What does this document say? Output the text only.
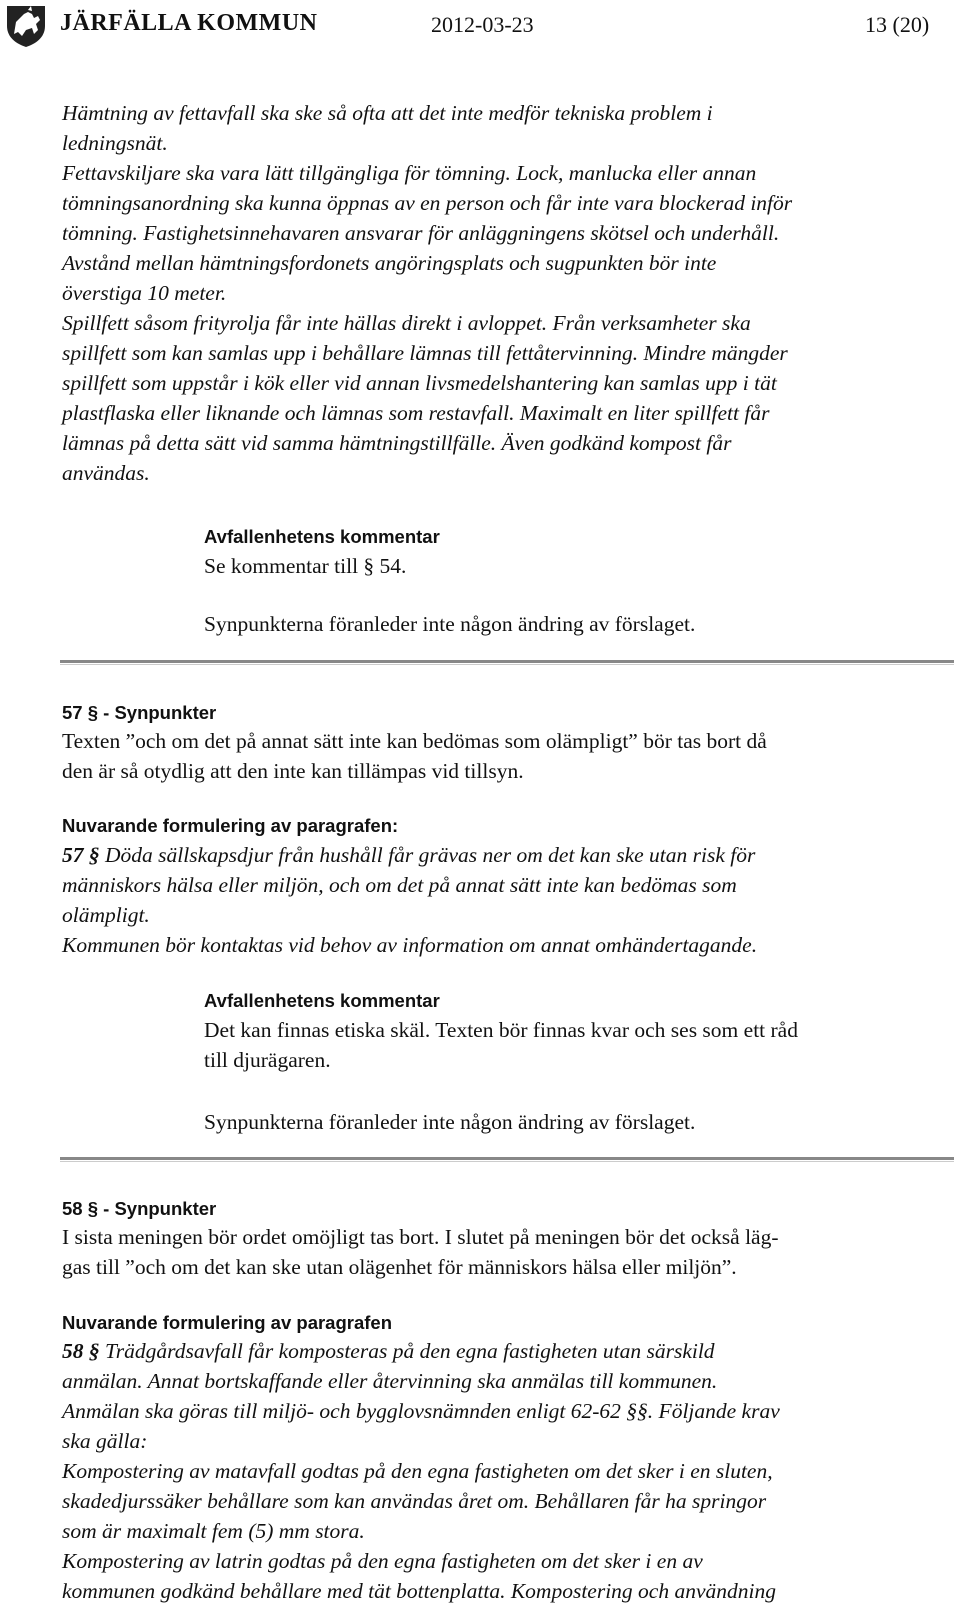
JÄRFÄLLA KOMMUN	2012-03-23	13 (20)
Hämtning av fettavfall ska ske så ofta att det inte medför tekniska problem i
ledningsnät.
Fettavskiljare ska vara lätt tillgängliga för tömning. Lock, manlucka eller annan
tömningsanordning ska kunna öppnas av en person och får inte vara blockerad inför
tömning. Fastighetsinnehavaren ansvarar för anläggningens skötsel och underhåll.
Avstånd mellan hämtningsfordonets angöringsplats och sugpunkten bör inte
överstiga 10 meter.
Spillfett såsom frityrolja får inte hällas direkt i avloppet. Från verksamheter ska
spillfett som kan samlas upp i behållare lämnas till fettåtervinning. Mindre mängder
spillfett som uppstår i kök eller vid annan livsmedelshantering kan samlas upp i tät
plastflaska eller liknande och lämnas som restavfall. Maximalt en liter spillfett får
lämnas på detta sätt vid samma hämtningstillfälle. Även godkänd kompost får
användas.
Avfallenhetens kommentar
Se kommentar till § 54.
Synpunkterna föranleder inte någon ändring av förslaget.
57 § - Synpunkter
Texten ”och om det på annat sätt inte kan bedömas som olämpligt” bör tas bort då
den är så otydlig att den inte kan tillämpas vid tillsyn.
Nuvarande formulering av paragrafen:
57 § Döda sällskapsdjur från hushåll får grävas ner om det kan ske utan risk för
människors hälsa eller miljön, och om det på annat sätt inte kan bedömas som
olämpligt.
Kommunen bör kontaktas vid behov av information om annat omhändertagande.
Avfallenhetens kommentar
Det kan finnas etiska skäl. Texten bör finnas kvar och ses som ett råd
till djurägaren.
Synpunkterna föranleder inte någon ändring av förslaget.
58 § - Synpunkter
I sista meningen bör ordet omöjligt tas bort. I slutet på meningen bör det också läg-
gas till ”och om det kan ske utan olägenhet för människors hälsa eller miljön”.
Nuvarande formulering av paragrafen
58 § Trädgårdsavfall får komposteras på den egna fastigheten utan särskild
anmälan. Annat bortskaffande eller återvinning ska anmälas till kommunen.
Anmälan ska göras till miljö- och bygglovsnämnden enligt 62-62 §§. Följande krav
ska gälla:
Kompostering av matavfall godtas på den egna fastigheten om det sker i en sluten,
skadedjurssäker behållare som kan användas året om. Behållaren får ha springor
som är maximalt fem (5) mm stora.
Kompostering av latrin godtas på den egna fastigheten om det sker i en av
kommunen godkänd behållare med tät bottenplatta. Kompostering och användning
